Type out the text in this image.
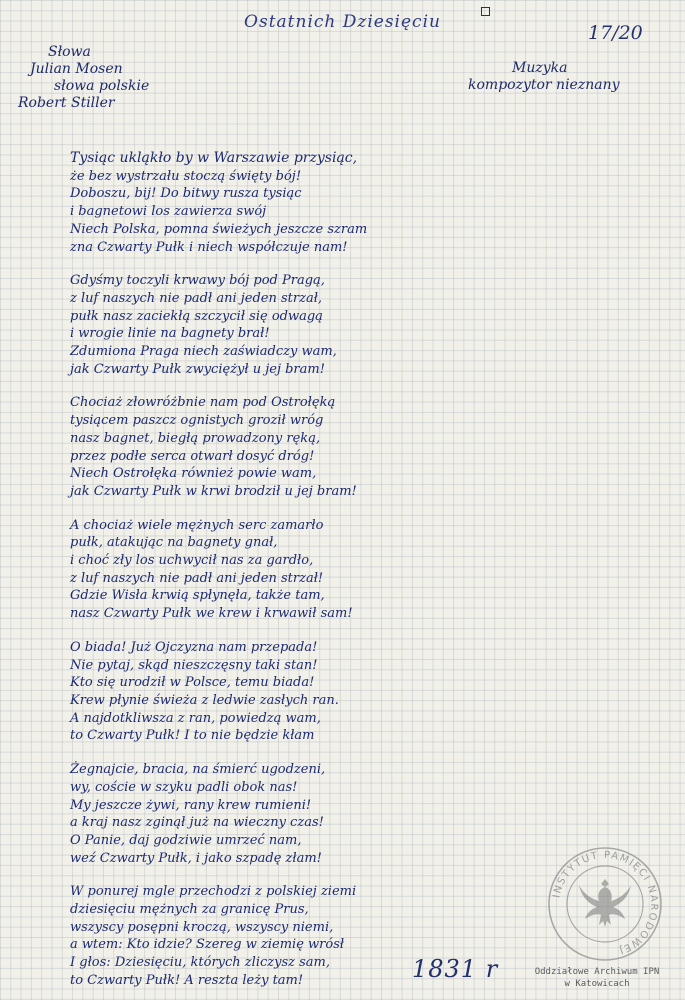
Ostatnich Dziesięciu	17/20
Słowa
Julian Mosen
słowa polskie
Robert Stiller
Muzyka
kompozytor nieznany
Tysiąc ukląkło by w Warszawie przysiąc,
że bez wystrzału stoczą święty bój!
Doboszu, bij! Do bitwy rusza tysiąc
i bagnetowi los zawierza swój
Niech Polska, pomna świeżych jeszcze szram
zna Czwarty Pułk i niech współczuje nam!
Gdyśmy toczyli krwawy bój pod Pragą,
z luf naszych nie padł ani jeden strzał,
pułk nasz zaciekłą szczycił się odwagą
i wrogie linie na bagnety brał!
Zdumiona Praga niech zaświadczy wam,
jak Czwarty Pułk zwyciężył u jej bram!
Chociaż złowróżbnie nam pod Ostrołęką
tysiącem paszcz ognistych groził wróg
nasz bagnet, biegłą prowadzony ręką,
przez podłe serca otwarł dosyć dróg!
Niech Ostrołęka również powie wam,
jak Czwarty Pułk w krwi brodził u jej bram!
A chociaż wiele mężnych serc zamarło
pułk, atakując na bagnety gnał,
i choć zły los uchwycił nas za gardło,
z luf naszych nie padł ani jeden strzał!
Gdzie Wisła krwią spłynęła, także tam,
nasz Czwarty Pułk we krew i krwawił sam!
O biada! Już Ojczyzna nam przepada!
Nie pytaj, skąd nieszczęsny taki stan!
Kto się urodził w Polsce, temu biada!
Krew płynie świeża z ledwie zasłych ran.
A najdotkliwsza z ran, powiedzą wam,
to Czwarty Pułk! I to nie będzie kłam
Żegnajcie, bracia, na śmierć ugodzeni,
wy, coście w szyku padli obok nas!
My jeszcze żywi, rany krew rumieni!
a kraj nasz zginął już na wieczny czas!
O Panie, daj godziwie umrzeć nam,
weź Czwarty Pułk, i jako szpadę złam!
W ponurej mgle przechodzi z polskiej ziemi
dziesięciu mężnych za granicę Prus,
wszyscy posępni kroczą, wszyscy niemi,
a wtem: Kto idzie? Szereg w ziemię wrósł
I głos: Dziesięciu, których zliczysz sam,
to Czwarty Pułk! A reszta leży tam!	1831 r
INSTYTUT PAMIĘCI NARODOWEJ
Oddziałowe Archiwum IPN
w Katowicach
